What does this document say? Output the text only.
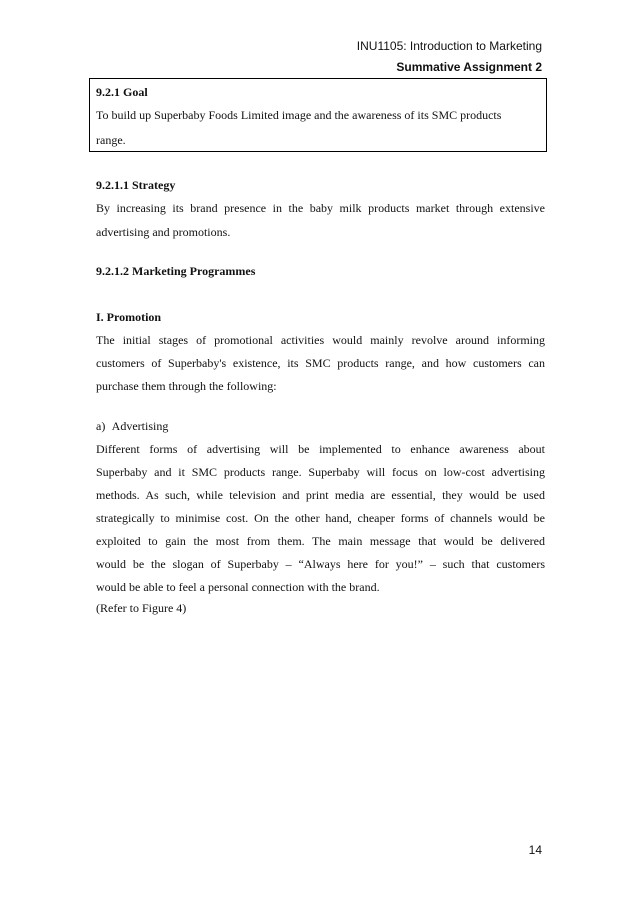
INU1105: Introduction to Marketing
Summative Assignment 2
9.2.1 Goal
To build up Superbaby Foods Limited image and the awareness of its SMC products
range.
9.2.1.1 Strategy
By increasing its brand presence in the baby milk products market through extensive
advertising and promotions.
9.2.1.2 Marketing Programmes
I. Promotion
The initial stages of promotional activities would mainly revolve around informing
customers of Superbaby's existence, its SMC products range, and how customers can
purchase them through the following:
a) Advertising
Different forms of advertising will be implemented to enhance awareness about
Superbaby and it SMC products range. Superbaby will focus on low-cost advertising
methods. As such, while television and print media are essential, they would be used
strategically to minimise cost. On the other hand, cheaper forms of channels would be
exploited to gain the most from them. The main message that would be delivered
would be the slogan of Superbaby – “Always here for you!” – such that customers
would be able to feel a personal connection with the brand.
(Refer to Figure 4)
14
